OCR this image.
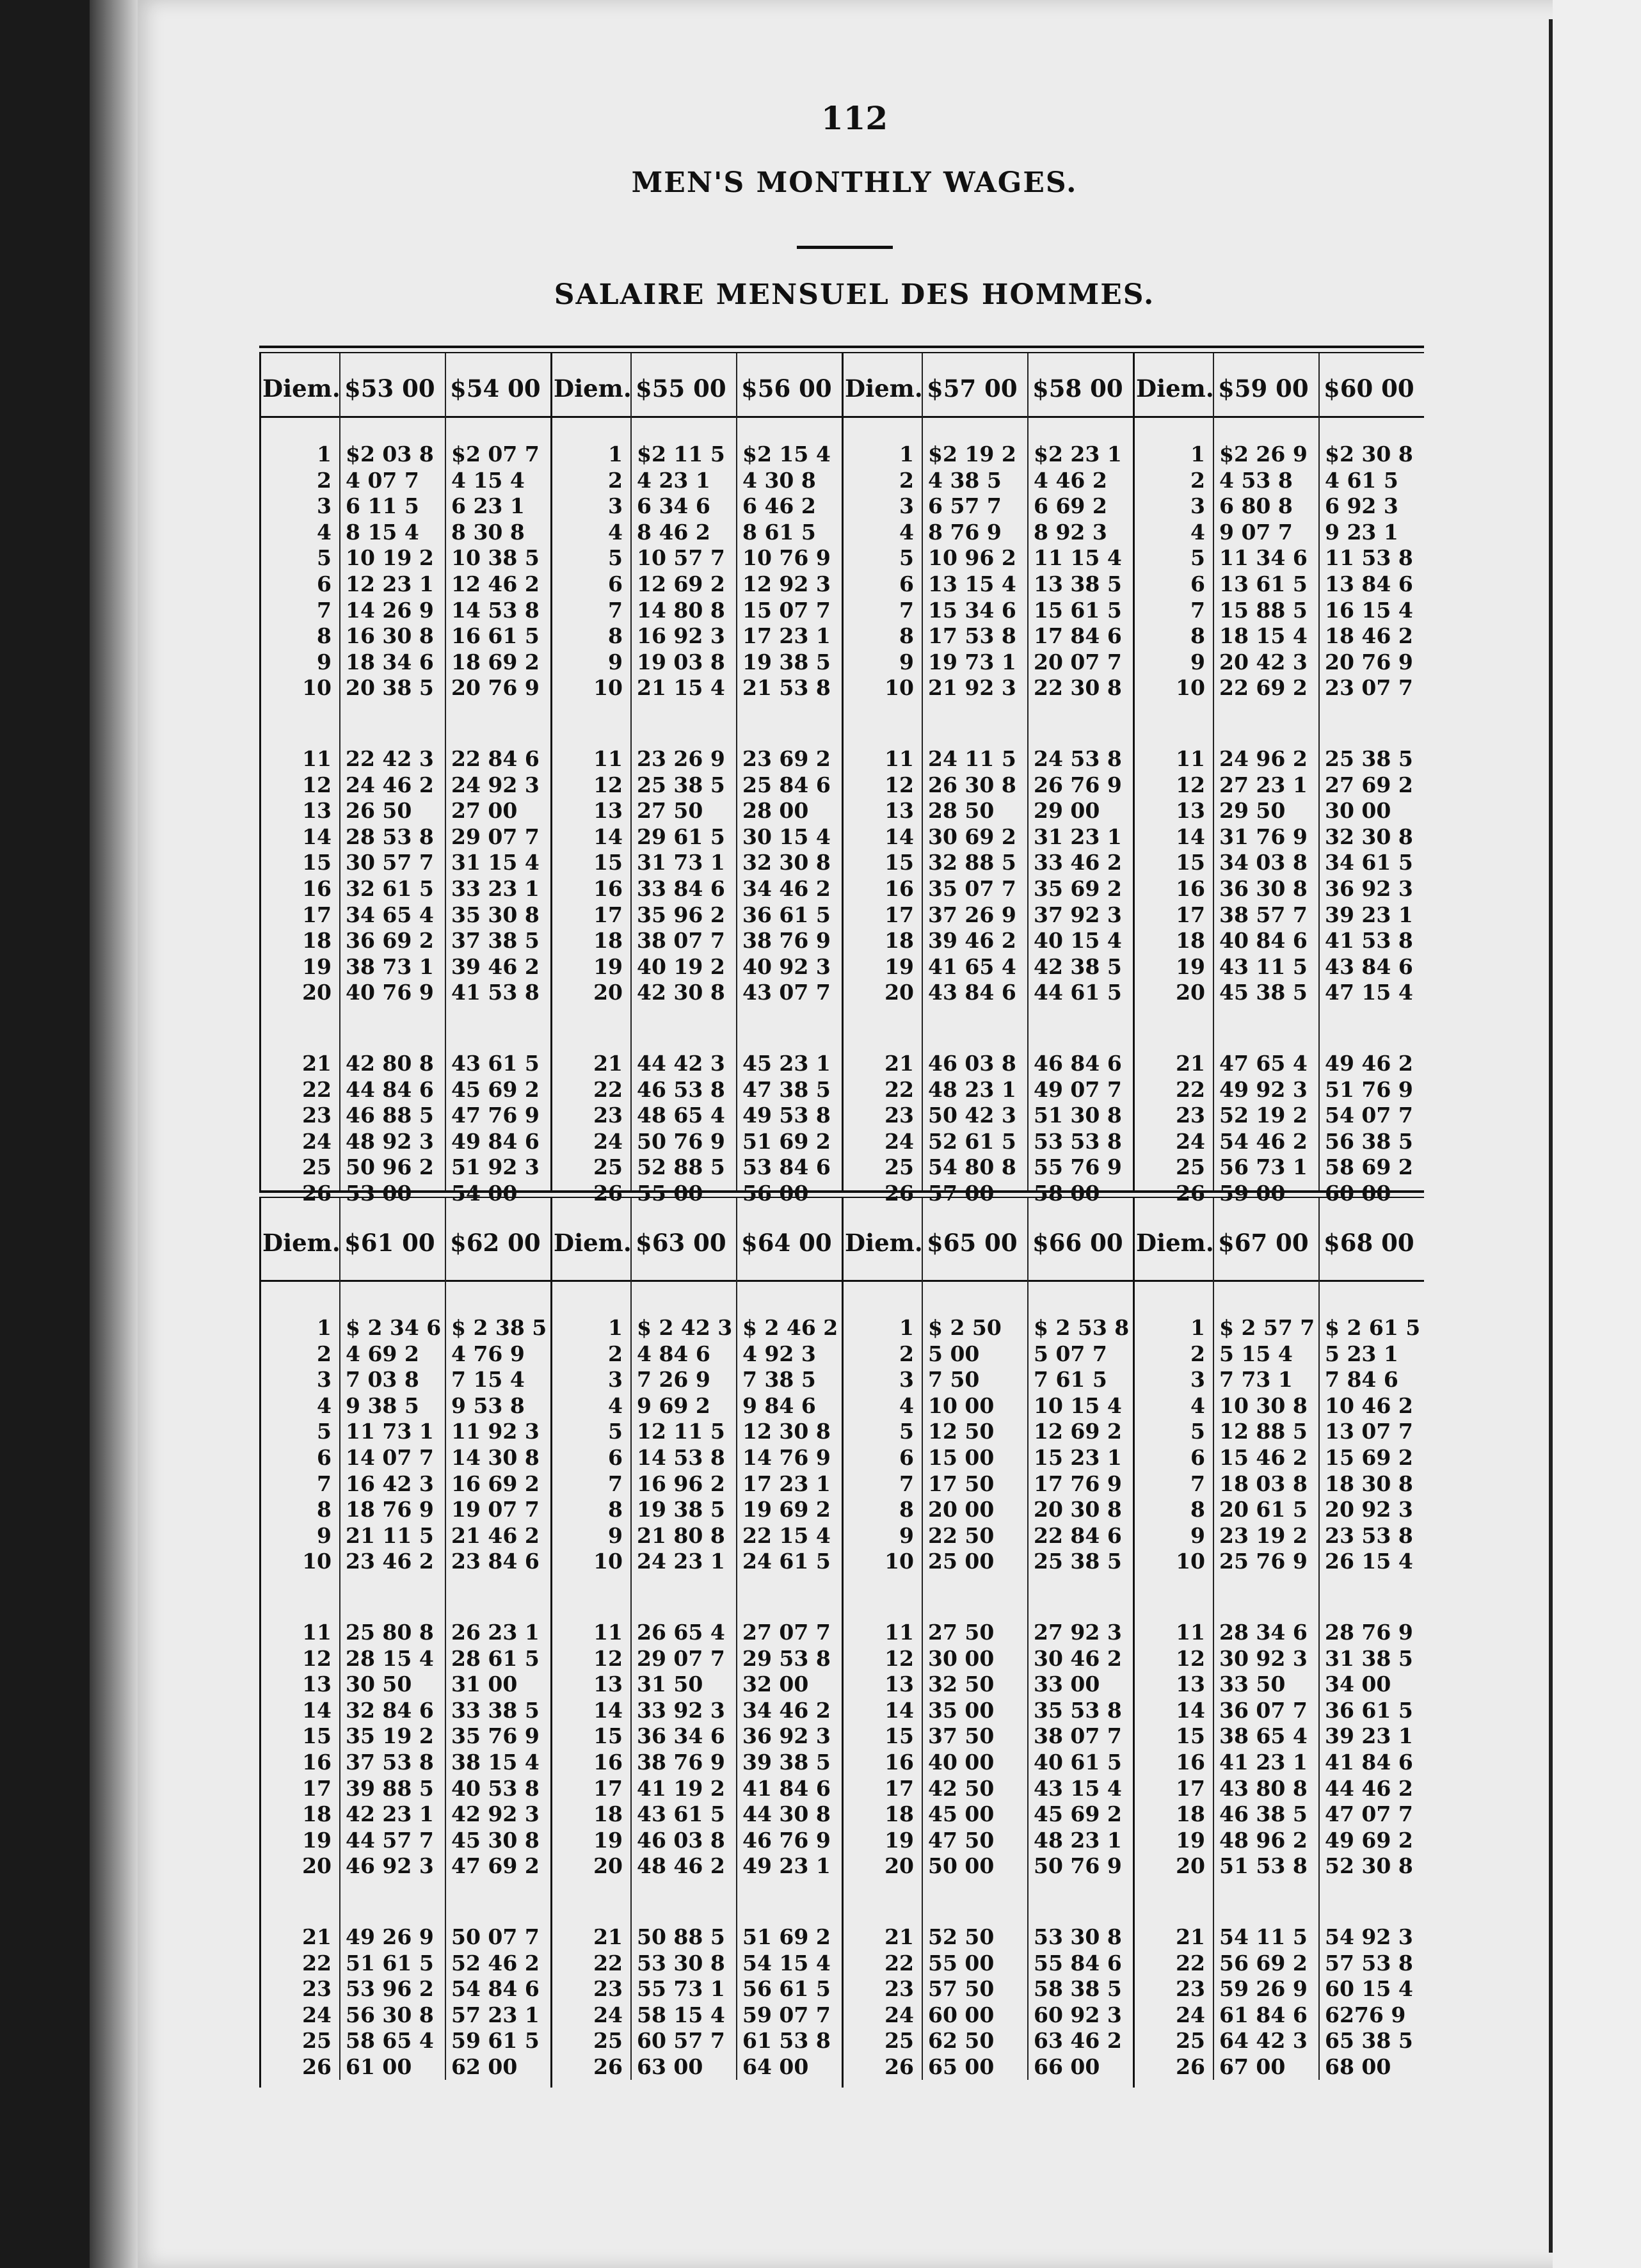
112
MEN'S MONTHLY WAGES.
SALAIRE MENSUEL DES HOMMES.
Diem.
1
2
3
4
5
6
7
8
9
10
11
12
13
14
15
16
17
18
19
20
21
22
23
24
25
26
$53 00
$2 03 8
4 07 7
6 11 5
8 15 4
10 19 2
12 23 1
14 26 9
16 30 8
18 34 6
20 38 5
22 42 3
24 46 2
26 50
28 53 8
30 57 7
32 61 5
34 65 4
36 69 2
38 73 1
40 76 9
42 80 8
44 84 6
46 88 5
48 92 3
50 96 2
53 00
$54 00
$2 07 7
4 15 4
6 23 1
8 30 8
10 38 5
12 46 2
14 53 8
16 61 5
18 69 2
20 76 9
22 84 6
24 92 3
27 00
29 07 7
31 15 4
33 23 1
35 30 8
37 38 5
39 46 2
41 53 8
43 61 5
45 69 2
47 76 9
49 84 6
51 92 3
54 00
Diem.
1
2
3
4
5
6
7
8
9
10
11
12
13
14
15
16
17
18
19
20
21
22
23
24
25
26
$55 00
$2 11 5
4 23 1
6 34 6
8 46 2
10 57 7
12 69 2
14 80 8
16 92 3
19 03 8
21 15 4
23 26 9
25 38 5
27 50
29 61 5
31 73 1
33 84 6
35 96 2
38 07 7
40 19 2
42 30 8
44 42 3
46 53 8
48 65 4
50 76 9
52 88 5
55 00
$56 00
$2 15 4
4 30 8
6 46 2
8 61 5
10 76 9
12 92 3
15 07 7
17 23 1
19 38 5
21 53 8
23 69 2
25 84 6
28 00
30 15 4
32 30 8
34 46 2
36 61 5
38 76 9
40 92 3
43 07 7
45 23 1
47 38 5
49 53 8
51 69 2
53 84 6
56 00
Diem.
1
2
3
4
5
6
7
8
9
10
11
12
13
14
15
16
17
18
19
20
21
22
23
24
25
26
$57 00
$2 19 2
4 38 5
6 57 7
8 76 9
10 96 2
13 15 4
15 34 6
17 53 8
19 73 1
21 92 3
24 11 5
26 30 8
28 50
30 69 2
32 88 5
35 07 7
37 26 9
39 46 2
41 65 4
43 84 6
46 03 8
48 23 1
50 42 3
52 61 5
54 80 8
57 00
$58 00
$2 23 1
4 46 2
6 69 2
8 92 3
11 15 4
13 38 5
15 61 5
17 84 6
20 07 7
22 30 8
24 53 8
26 76 9
29 00
31 23 1
33 46 2
35 69 2
37 92 3
40 15 4
42 38 5
44 61 5
46 84 6
49 07 7
51 30 8
53 53 8
55 76 9
58 00
Diem.
1
2
3
4
5
6
7
8
9
10
11
12
13
14
15
16
17
18
19
20
21
22
23
24
25
26
$59 00
$2 26 9
4 53 8
6 80 8
9 07 7
11 34 6
13 61 5
15 88 5
18 15 4
20 42 3
22 69 2
24 96 2
27 23 1
29 50
31 76 9
34 03 8
36 30 8
38 57 7
40 84 6
43 11 5
45 38 5
47 65 4
49 92 3
52 19 2
54 46 2
56 73 1
59 00
$60 00
$2 30 8
4 61 5
6 92 3
9 23 1
11 53 8
13 84 6
16 15 4
18 46 2
20 76 9
23 07 7
25 38 5
27 69 2
30 00
32 30 8
34 61 5
36 92 3
39 23 1
41 53 8
43 84 6
47 15 4
49 46 2
51 76 9
54 07 7
56 38 5
58 69 2
60 00
Diem.
1
2
3
4
5
6
7
8
9
10
11
12
13
14
15
16
17
18
19
20
21
22
23
24
25
26
$61 00
$ 2 34 6
4 69 2
7 03 8
9 38 5
11 73 1
14 07 7
16 42 3
18 76 9
21 11 5
23 46 2
25 80 8
28 15 4
30 50
32 84 6
35 19 2
37 53 8
39 88 5
42 23 1
44 57 7
46 92 3
49 26 9
51 61 5
53 96 2
56 30 8
58 65 4
61 00
$62 00
$ 2 38 5
4 76 9
7 15 4
9 53 8
11 92 3
14 30 8
16 69 2
19 07 7
21 46 2
23 84 6
26 23 1
28 61 5
31 00
33 38 5
35 76 9
38 15 4
40 53 8
42 92 3
45 30 8
47 69 2
50 07 7
52 46 2
54 84 6
57 23 1
59 61 5
62 00
Diem.
1
2
3
4
5
6
7
8
9
10
11
12
13
14
15
16
17
18
19
20
21
22
23
24
25
26
$63 00
$ 2 42 3
4 84 6
7 26 9
9 69 2
12 11 5
14 53 8
16 96 2
19 38 5
21 80 8
24 23 1
26 65 4
29 07 7
31 50
33 92 3
36 34 6
38 76 9
41 19 2
43 61 5
46 03 8
48 46 2
50 88 5
53 30 8
55 73 1
58 15 4
60 57 7
63 00
$64 00
$ 2 46 2
4 92 3
7 38 5
9 84 6
12 30 8
14 76 9
17 23 1
19 69 2
22 15 4
24 61 5
27 07 7
29 53 8
32 00
34 46 2
36 92 3
39 38 5
41 84 6
44 30 8
46 76 9
49 23 1
51 69 2
54 15 4
56 61 5
59 07 7
61 53 8
64 00
Diem.
1
2
3
4
5
6
7
8
9
10
11
12
13
14
15
16
17
18
19
20
21
22
23
24
25
26
$65 00
$ 2 50
5 00
7 50
10 00
12 50
15 00
17 50
20 00
22 50
25 00
27 50
30 00
32 50
35 00
37 50
40 00
42 50
45 00
47 50
50 00
52 50
55 00
57 50
60 00
62 50
65 00
$66 00
$ 2 53 8
5 07 7
7 61 5
10 15 4
12 69 2
15 23 1
17 76 9
20 30 8
22 84 6
25 38 5
27 92 3
30 46 2
33 00
35 53 8
38 07 7
40 61 5
43 15 4
45 69 2
48 23 1
50 76 9
53 30 8
55 84 6
58 38 5
60 92 3
63 46 2
66 00
Diem.
1
2
3
4
5
6
7
8
9
10
11
12
13
14
15
16
17
18
19
20
21
22
23
24
25
26
$67 00
$ 2 57 7
5 15 4
7 73 1
10 30 8
12 88 5
15 46 2
18 03 8
20 61 5
23 19 2
25 76 9
28 34 6
30 92 3
33 50
36 07 7
38 65 4
41 23 1
43 80 8
46 38 5
48 96 2
51 53 8
54 11 5
56 69 2
59 26 9
61 84 6
64 42 3
67 00
$68 00
$ 2 61 5
5 23 1
7 84 6
10 46 2
13 07 7
15 69 2
18 30 8
20 92 3
23 53 8
26 15 4
28 76 9
31 38 5
34 00
36 61 5
39 23 1
41 84 6
44 46 2
47 07 7
49 69 2
52 30 8
54 92 3
57 53 8
60 15 4
6276 9
65 38 5
68 00
